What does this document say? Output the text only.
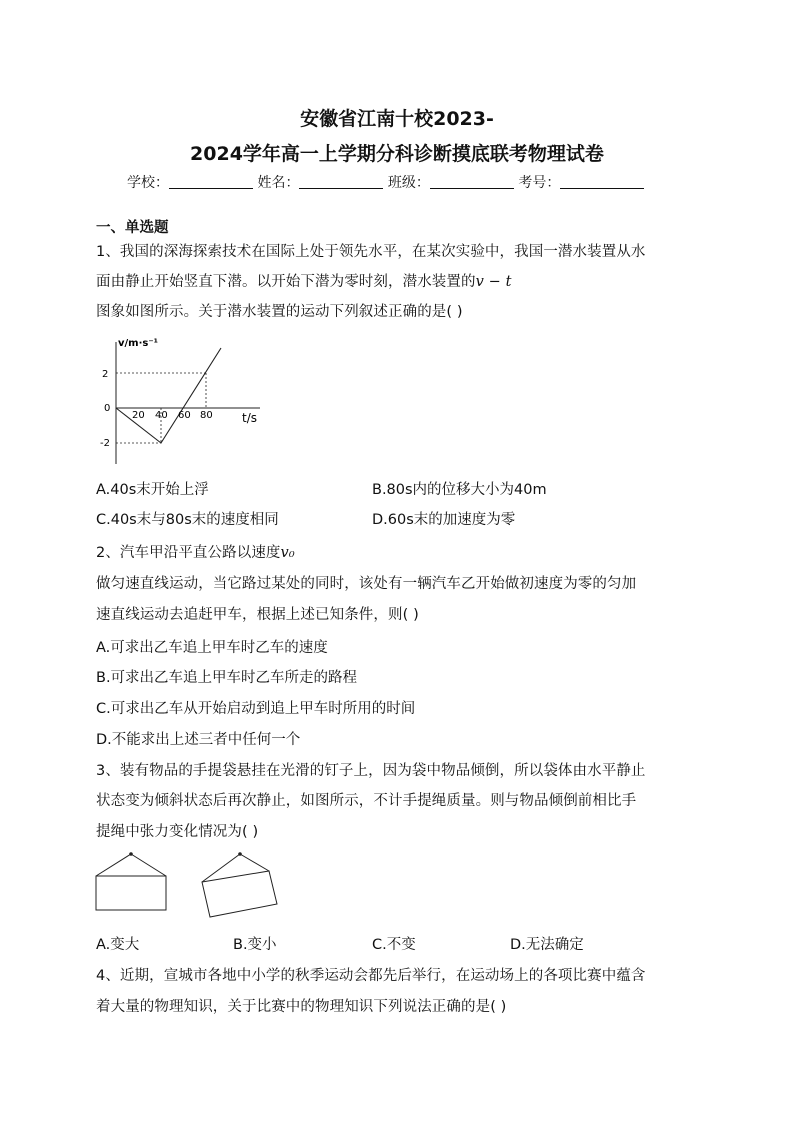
安徽省江南十校2023-
2024学年高一上学期分科诊断摸底联考物理试卷
学校：	姓名：	班级：	考号：
一、单选题
1、我国的深海探索技术在国际上处于领先水平，在某次实验中，我国一潜水装置从水
面由静止开始竖直下潜。以开始下潜为零时刻，潜水装置的v − t
图象如图所示。关于潜水装置的运动下列叙述正确的是( )
v/m·s⁻¹
t/s
2
0
-2
20 40 60 80
A.40s末开始上浮	B.80s内的位移大小为40m
C.40s末与80s末的速度相同	D.60s末的加速度为零
2、汽车甲沿平直公路以速度v₀
做匀速直线运动，当它路过某处的同时，该处有一辆汽车乙开始做初速度为零的匀加
速直线运动去追赶甲车，根据上述已知条件，则( )
A.可求出乙车追上甲车时乙车的速度
B.可求出乙车追上甲车时乙车所走的路程
C.可求出乙车从开始启动到追上甲车时所用的时间
D.不能求出上述三者中任何一个
3、装有物品的手提袋悬挂在光滑的钉子上，因为袋中物品倾倒，所以袋体由水平静止
状态变为倾斜状态后再次静止，如图所示，不计手提绳质量。则与物品倾倒前相比手
提绳中张力变化情况为( )
A.变大	B.变小	C.不变	D.无法确定
4、近期，宣城市各地中小学的秋季运动会都先后举行，在运动场上的各项比赛中蕴含
着大量的物理知识，关于比赛中的物理知识下列说法正确的是( )
